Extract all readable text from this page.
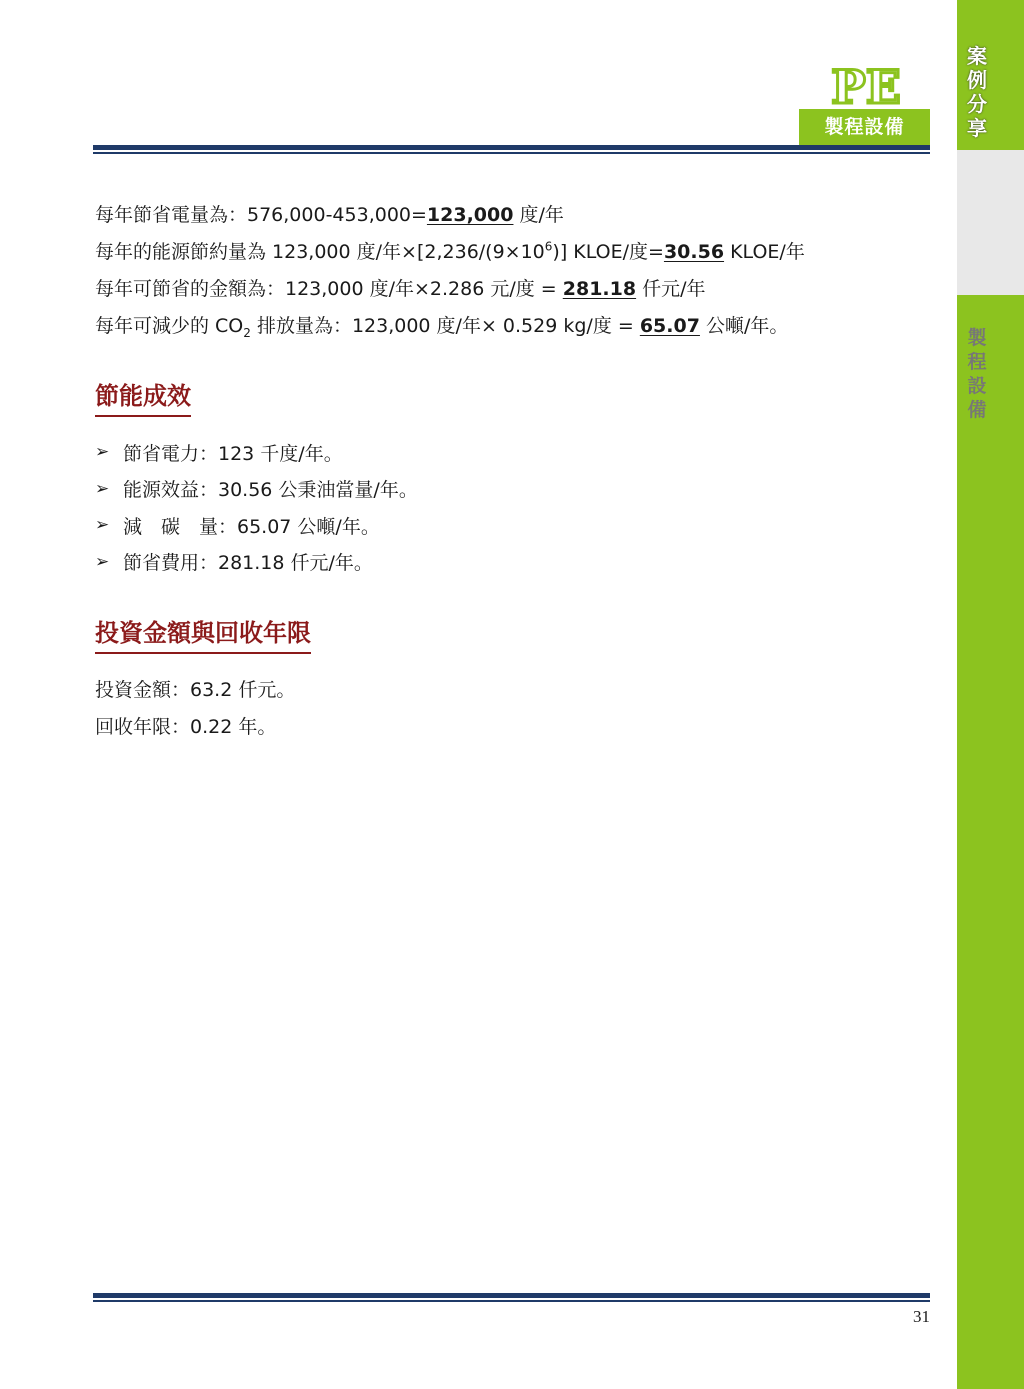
案
例
分
享
製
程
設
備
PE
製程設備
每年節省電量為：576,000-453,000=123,000 度/年
每年的能源節約量為 123,000 度/年$\times[2,236/(9\times 10^6)]$ KLOE/度=30.56 KLOE/年
每年可節省的金額為：123,000 度/年×2.286 元/度 = 281.18 仟元/年
每年可減少的 $CO_2$ 排放量為：123,000 度/年× 0.529 kg/度 = 65.07 公噸/年。
節能成效
➢ 節省電力：123 千度/年。
➢ 能源效益：30.56 公秉油當量/年。
➢ 減　碳　量：65.07 公噸/年。
➢ 節省費用：281.18 仟元/年。
投資金額與回收年限
投資金額：63.2 仟元。
回收年限：0.22 年。
31
